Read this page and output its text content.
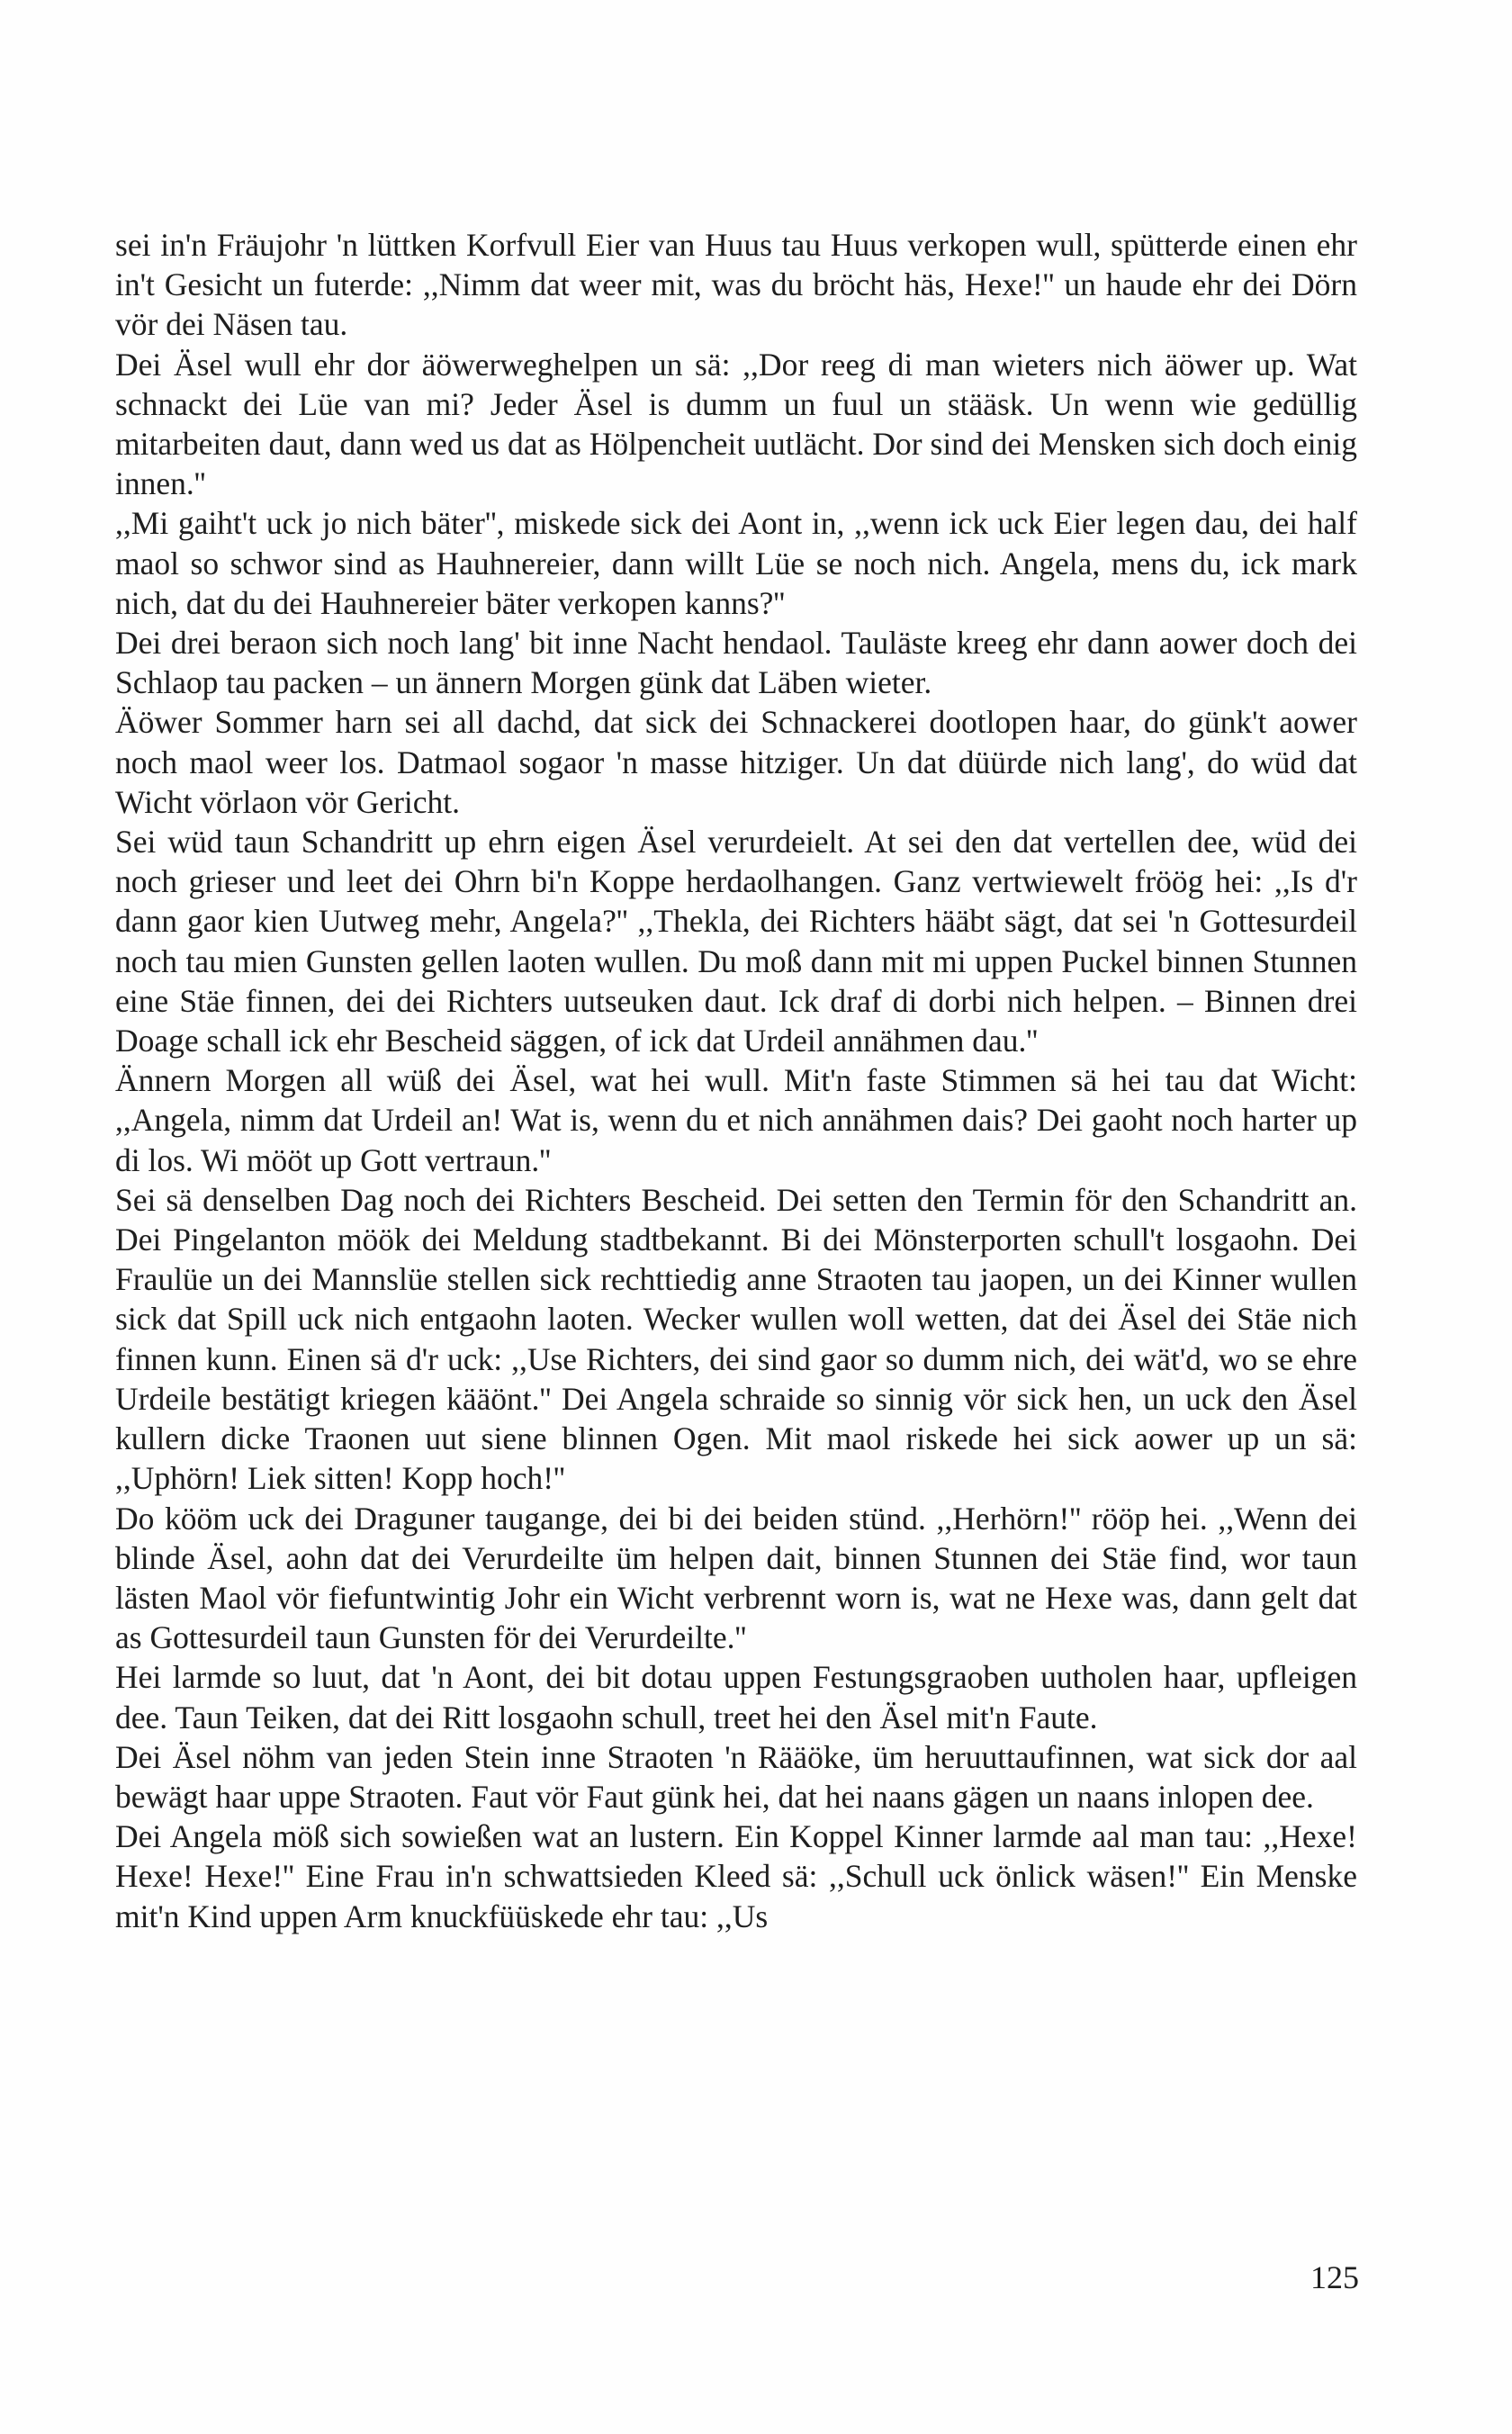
sei in'n Fräujohr 'n lüttken Korfvull Eier van Huus tau Huus verkopen wull, spütterde einen ehr in't Gesicht un futerde: ,,Nimm dat weer mit, was du bröcht häs, Hexe!'' un haude ehr dei Dörn vör dei Näsen tau.

Dei Äsel wull ehr dor äöwerweghelpen un sä: ,,Dor reeg di man wieters nich äöwer up. Wat schnackt dei Lüe van mi? Jeder Äsel is dumm un fuul un stääsk. Un wenn wie gedüllig mitarbeiten daut, dann wed us dat as Hölpencheit uutlächt. Dor sind dei Mensken sich doch einig innen.''

,,Mi gaiht't uck jo nich bäter'', miskede sick dei Aont in, ,,wenn ick uck Eier legen dau, dei half maol so schwor sind as Hauhnereier, dann willt Lüe se noch nich. Angela, mens du, ick mark nich, dat du dei Hauhnereier bäter verkopen kanns?''

Dei drei beraon sich noch lang' bit inne Nacht hendaol. Tauläste kreeg ehr dann aower doch dei Schlaop tau packen – un ännern Morgen günk dat Läben wieter.

Äöwer Sommer harn sei all dachd, dat sick dei Schnackerei dootlopen haar, do günk't aower noch maol weer los. Datmaol sogaor 'n masse hitziger. Un dat düürde nich lang', do wüd dat Wicht vörlaon vör Gericht.

Sei wüd taun Schandritt up ehrn eigen Äsel verurdeielt. At sei den dat vertellen dee, wüd dei noch grieser und leet dei Ohrn bi'n Koppe herdaolhangen. Ganz vertwiewelt fröög hei: ,,Is d'r dann gaor kien Uutweg mehr, Angela?'' ,,Thekla, dei Richters hääbt sägt, dat sei 'n Gottesurdeil noch tau mien Gunsten gellen laoten wullen. Du moß dann mit mi uppen Puckel binnen Stunnen eine Stäe finnen, dei dei Richters uutseuken daut. Ick draf di dorbi nich helpen. – Binnen drei Doage schall ick ehr Bescheid säggen, of ick dat Urdeil annähmen dau.''

Ännern Morgen all wüß dei Äsel, wat hei wull. Mit'n faste Stimmen sä hei tau dat Wicht: ,,Angela, nimm dat Urdeil an! Wat is, wenn du et nich annähmen dais? Dei gaoht noch harter up di los. Wi mööt up Gott vertraun.''

Sei sä denselben Dag noch dei Richters Bescheid. Dei setten den Termin för den Schandritt an. Dei Pingelanton möök dei Meldung stadtbekannt. Bi dei Mönsterporten schull't losgaohn. Dei Fraulüe un dei Mannslüe stellen sick rechttiedig anne Straoten tau jaopen, un dei Kinner wullen sick dat Spill uck nich entgaohn laoten. Wecker wullen woll wetten, dat dei Äsel dei Stäe nich finnen kunn. Einen sä d'r uck: ,,Use Richters, dei sind gaor so dumm nich, dei wät'd, wo se ehre Urdeile bestätigt kriegen kääönt.'' Dei Angela schraide so sinnig vör sick hen, un uck den Äsel kullern dicke Traonen uut siene blinnen Ogen. Mit maol riskede hei sick aower up un sä: ,,Uphörn! Liek sitten! Kopp hoch!''

Do kööm uck dei Draguner taugange, dei bi dei beiden stünd. ,,Herhörn!'' rööp hei. ,,Wenn dei blinde Äsel, aohn dat dei Verurdeilte üm helpen dait, binnen Stunnen dei Stäe find, wor taun lästen Maol vör fiefuntwintig Johr ein Wicht verbrennt worn is, wat ne Hexe was, dann gelt dat as Gottesurdeil taun Gunsten för dei Verurdeilte.''

Hei larmde so luut, dat 'n Aont, dei bit dotau uppen Festungsgraoben uutholen haar, upfleigen dee. Taun Teiken, dat dei Ritt losgaohn schull, treet hei den Äsel mit'n Faute.

Dei Äsel nöhm van jeden Stein inne Straoten 'n Rääöke, üm heruuttaufinnen, wat sick dor aal bewägt haar uppe Straoten. Faut vör Faut günk hei, dat hei naans gägen un naans inlopen dee.

Dei Angela möß sich sowießen wat an lustern. Ein Koppel Kinner larmde aal man tau: ,,Hexe! Hexe! Hexe!'' Eine Frau in'n schwattsieden Kleed sä: ,,Schull uck önlick wäsen!'' Ein Menske mit'n Kind uppen Arm knuckfüüskede ehr tau: ,,Us

125
